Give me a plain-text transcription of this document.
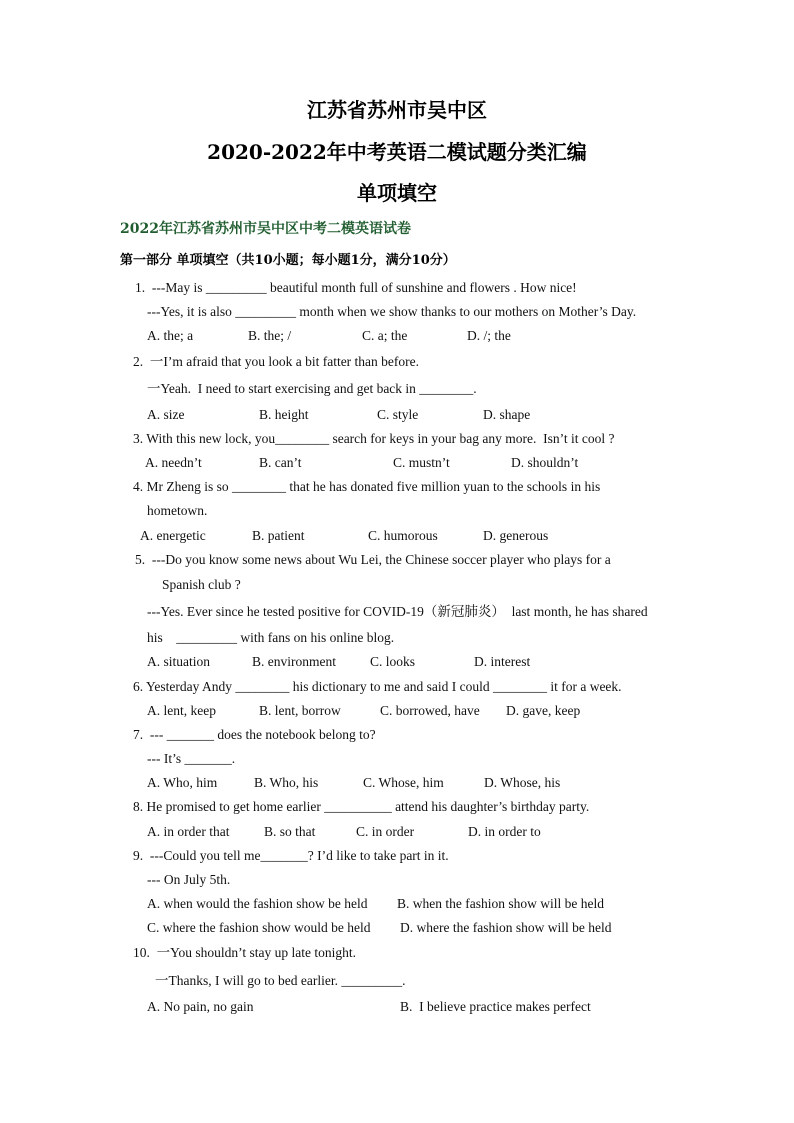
江苏省苏州市吴中区
2020-2022年中考英语二模试题分类汇编
单项填空
2022年江苏省苏州市吴中区中考二模英语试卷
第一部分 单项填空（共10小题；每小题1分，满分10分）
1.  ---May is _________ beautiful month full of sunshine and flowers . How nice!
---Yes, it is also _________ month when we show thanks to our mothers on Mother’s Day.
A. the; a	B. the; /	C. a; the	D. /; the
2.  一I’m afraid that you look a bit fatter than before.
一Yeah.  I need to start exercising and get back in ________.
A. size	B. height	C. style	D. shape
3. With this new lock, you________ search for keys in your bag any more.  Isn’t it cool ?
A. needn’t	B. can’t	C. mustn’t	D. shouldn’t
4. Mr Zheng is so ________ that he has donated five million yuan to the schools in his
hometown.
A. energetic	B. patient	C. humorous	D. generous
5.  ---Do you know some news about Wu Lei, the Chinese soccer player who plays for a
Spanish club ?
---Yes. Ever since he tested positive for COVID-19（新冠肺炎）  last month, he has shared
his    _________ with fans on his online blog.
A. situation	B. environment	C. looks	D. interest
6. Yesterday Andy ________ his dictionary to me and said I could ________ it for a week.
A. lent, keep	B. lent, borrow	C. borrowed, have D. gave, keep
7.  --- _______ does the notebook belong to?
--- It’s _______.
A. Who, him	B. Who, his	C. Whose, him	D. Whose, his
8. He promised to get home earlier __________ attend his daughter’s birthday party.
A. in order that	B. so that	C. in order	D. in order to
9.  ---Could you tell me_______? I’d like to take part in it.
--- On July 5th.
A. when would the fashion show be held B. when the fashion show will be held
C. where the fashion show would be held D. where the fashion show will be held
10.  一You shouldn’t stay up late tonight.
一Thanks, I will go to bed earlier. _________.
A. No pain, no gain	B.  I believe practice makes perfect
